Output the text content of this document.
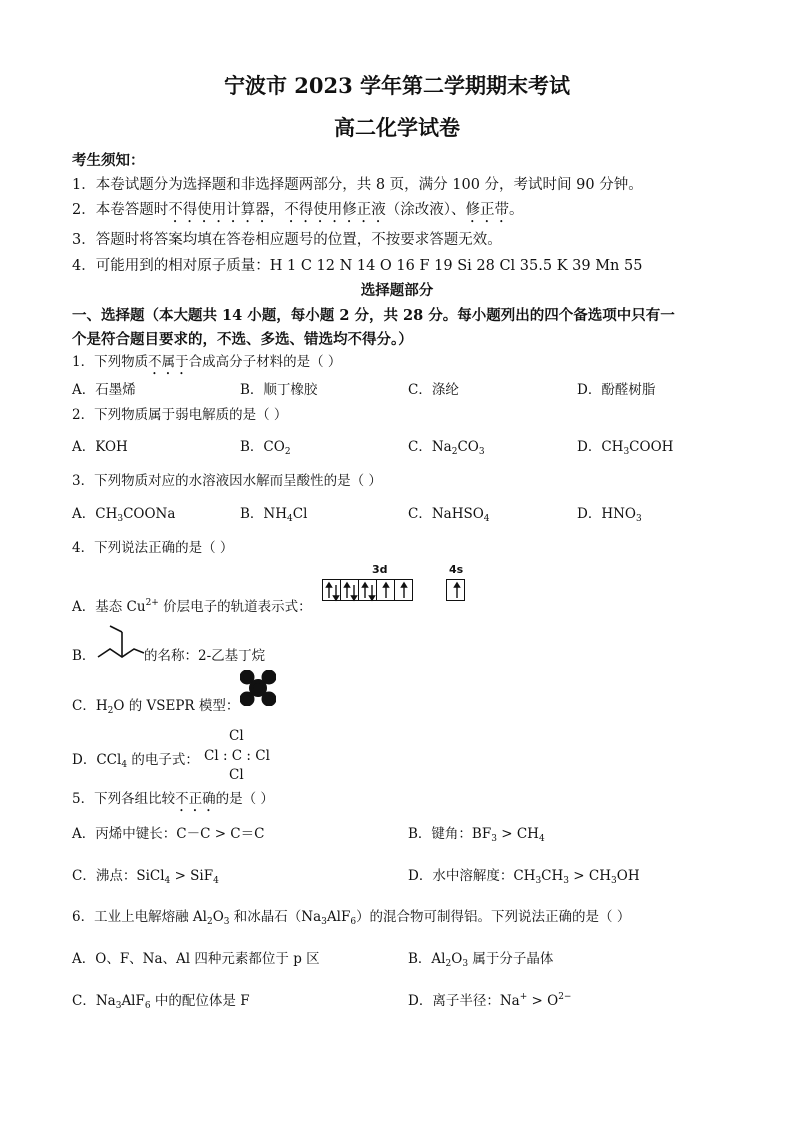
宁波市 2023 学年第二学期期末考试
高二化学试卷
考生须知：
1．本卷试题分为选择题和非选择题两部分，共 8 页，满分 100 分，考试时间 90 分钟。
2．本卷答题时不得使用计算器，不得使用修正液（涂改液）、修正带。
3．答题时将答案均填在答卷相应题号的位置，不按要求答题无效。
4．可能用到的相对原子质量：H 1 C 12 N 14 O 16 F 19 Si 28 Cl 35.5 K 39 Mn 55
选择题部分
一、选择题（本大题共 14 小题，每小题 2 分，共 28 分。每小题列出的四个备选项中只有一
个是符合题目要求的，不选、多选、错选均不得分。）
1．下列物质不属于合成高分子材料的是（ ）
A．石墨烯	B．顺丁橡胶	C．涤纶	D．酚醛树脂
2．下列物质属于弱电解质的是（ ）
A．KOH	B．$CO_2$	C．$Na_2CO_3$	D．$CH_3COOH$
3．下列物质对应的水溶液因水解而呈酸性的是（ ）
A．$CH_3COONa$	B．$NH_4Cl$	C．NaHSO$_4$	D．$HNO_3$
4．下列说法正确的是（ ）
A．基态 $Cu^{2+}$ 价层电子的轨道表示式：
3d	4s
B．	的名称：2-乙基丁烷
C．$H_2O$ 的 VSEPR 模型：
D．CCl$_4$ 的电子式：
Cl
Cl : C : Cl
Cl
5．下列各组比较不正确的是（ ）
A．丙烯中键长：C－C > C＝C	B．键角：$BF_3 > CH_4$
C．沸点：SiCl$_4$ > SiF$_4$	D．水中溶解度：$CH_3CH_3 > CH_3OH$
6．工业上电解熔融 $Al_2O_3$ 和冰晶石$(Na_3AlF_6)$的混合物可制得铝。下列说法正确的是（ ）
A．O、F、Na、Al 四种元素都位于 p 区	B．$Al_2O_3$ 属于分子晶体
C．$Na_3AlF_6$ 中的配位体是 F	D．离子半径：$Na^+ > O^{2-}$
